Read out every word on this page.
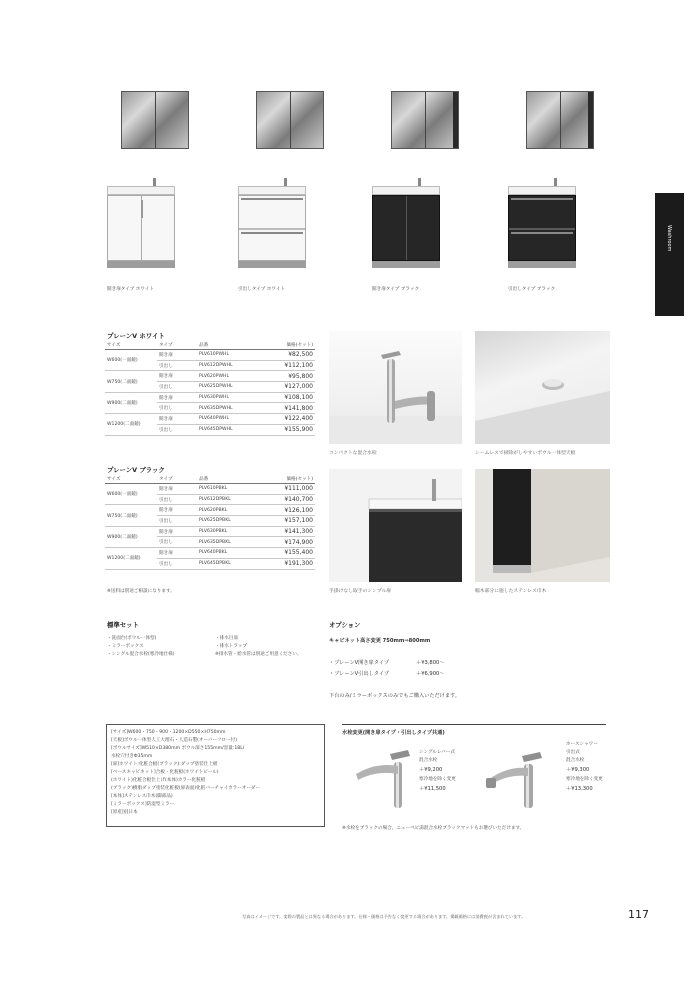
Washroom
開き扉タイプ ホワイト	引出しタイプ ホワイト	開き扉タイプ ブラック	引出しタイプ ブラック
プレーンV ホワイト
サイズ	タイプ	品番	価格(セット)
W600(一面鏡)	開き扉	PLV610PWHL	¥82,500
	引出し	PLV612DPWHL	¥112,100
W750(二面鏡)	開き扉	PLV620PWHL	¥95,800
	引出し	PLV625DPWHL	¥127,000
W900(二面鏡)	開き扉	PLV630PWHL	¥108,100
	引出し	PLV635DPWHL	¥141,800
W1200(二面鏡)	開き扉	PLV640PWHL	¥122,400
	引出し	PLV645DPWHL	¥155,900
プレーンV ブラック
サイズ	タイプ	品番	価格(セット)
W600(一面鏡)	開き扉	PLV610PBKL	¥111,000
	引出し	PLV612DPBKL	¥140,700
W750(二面鏡)	開き扉	PLV620PBKL	¥126,100
	引出し	PLV625DPBKL	¥157,100
W900(二面鏡)	開き扉	PLV630PBKL	¥141,300
	引出し	PLV635DPBKL	¥174,900
W1200(二面鏡)	開き扉	PLV640PBKL	¥155,400
	引出し	PLV645DPBKL	¥191,300
※送料は別途ご相談になります。
コンパクトな混合水栓	シームレスで掃除がしやすいボウル一体型天板
手掛けなし取手のシンプル扉	幅木部分に施したステンレス巾木
標準セット
・洗面台(ボウル一体型)
・ミラーボックス
・シングル混合水栓(寒冷地仕様)
・排水目皿
・排水トラップ
※排水管・給水管は別途ご用意ください。
オプション
キャビネット高さ変更 750mm⇒800mm
・プレーンV開き扉タイプ	＋¥3,800〜
・プレーンV引出しタイプ	＋¥6,900〜
下台のみ/ミラーボックスのみでもご購入いただけます。
[サイズ]W600・750・900・1200×D550×H750mm
[天板]ボウル一体型人工大理石・人造石製(オーバーフロー付)
[ボウルサイズ]W510×D380mm ボウル深さ155mm/容量:18L/
水栓穴付きΦ35mm
[扉]ホワイト:化粧合板(ブラック):ダップ塗装仕上板
[ベースキャビネット]合板・化粧板(ホワイトピール)
(ホワイト)化粧合板仕上げ(本体)カラー化粧板
(ブラック)樹脂ダップ塗装化粧板(扉表面)化粧バーチャイカラーオーダー
[本体]ステンレス巾木(脚部品)
[ミラーボックス]防湿型ミラー
[原産国]日本
水栓変更(開き扉タイプ・引出しタイプ共通)
シングルレバー式
混合水栓
＋¥9,200
寒冷地を除く変更
＋¥11,500
ホースシャワー
引出式
混合水栓
＋¥9,300
寒冷地を除く変更
＋¥13,300
※水栓をブラックの場合、ニューペピ湯混合水栓ブラックマットもお選びいただけます。
写真はイメージです。実際の製品とは異なる場合があります。仕様・価格は予告なく変更する場合があります。掲載価格には消費税が含まれています。	117
